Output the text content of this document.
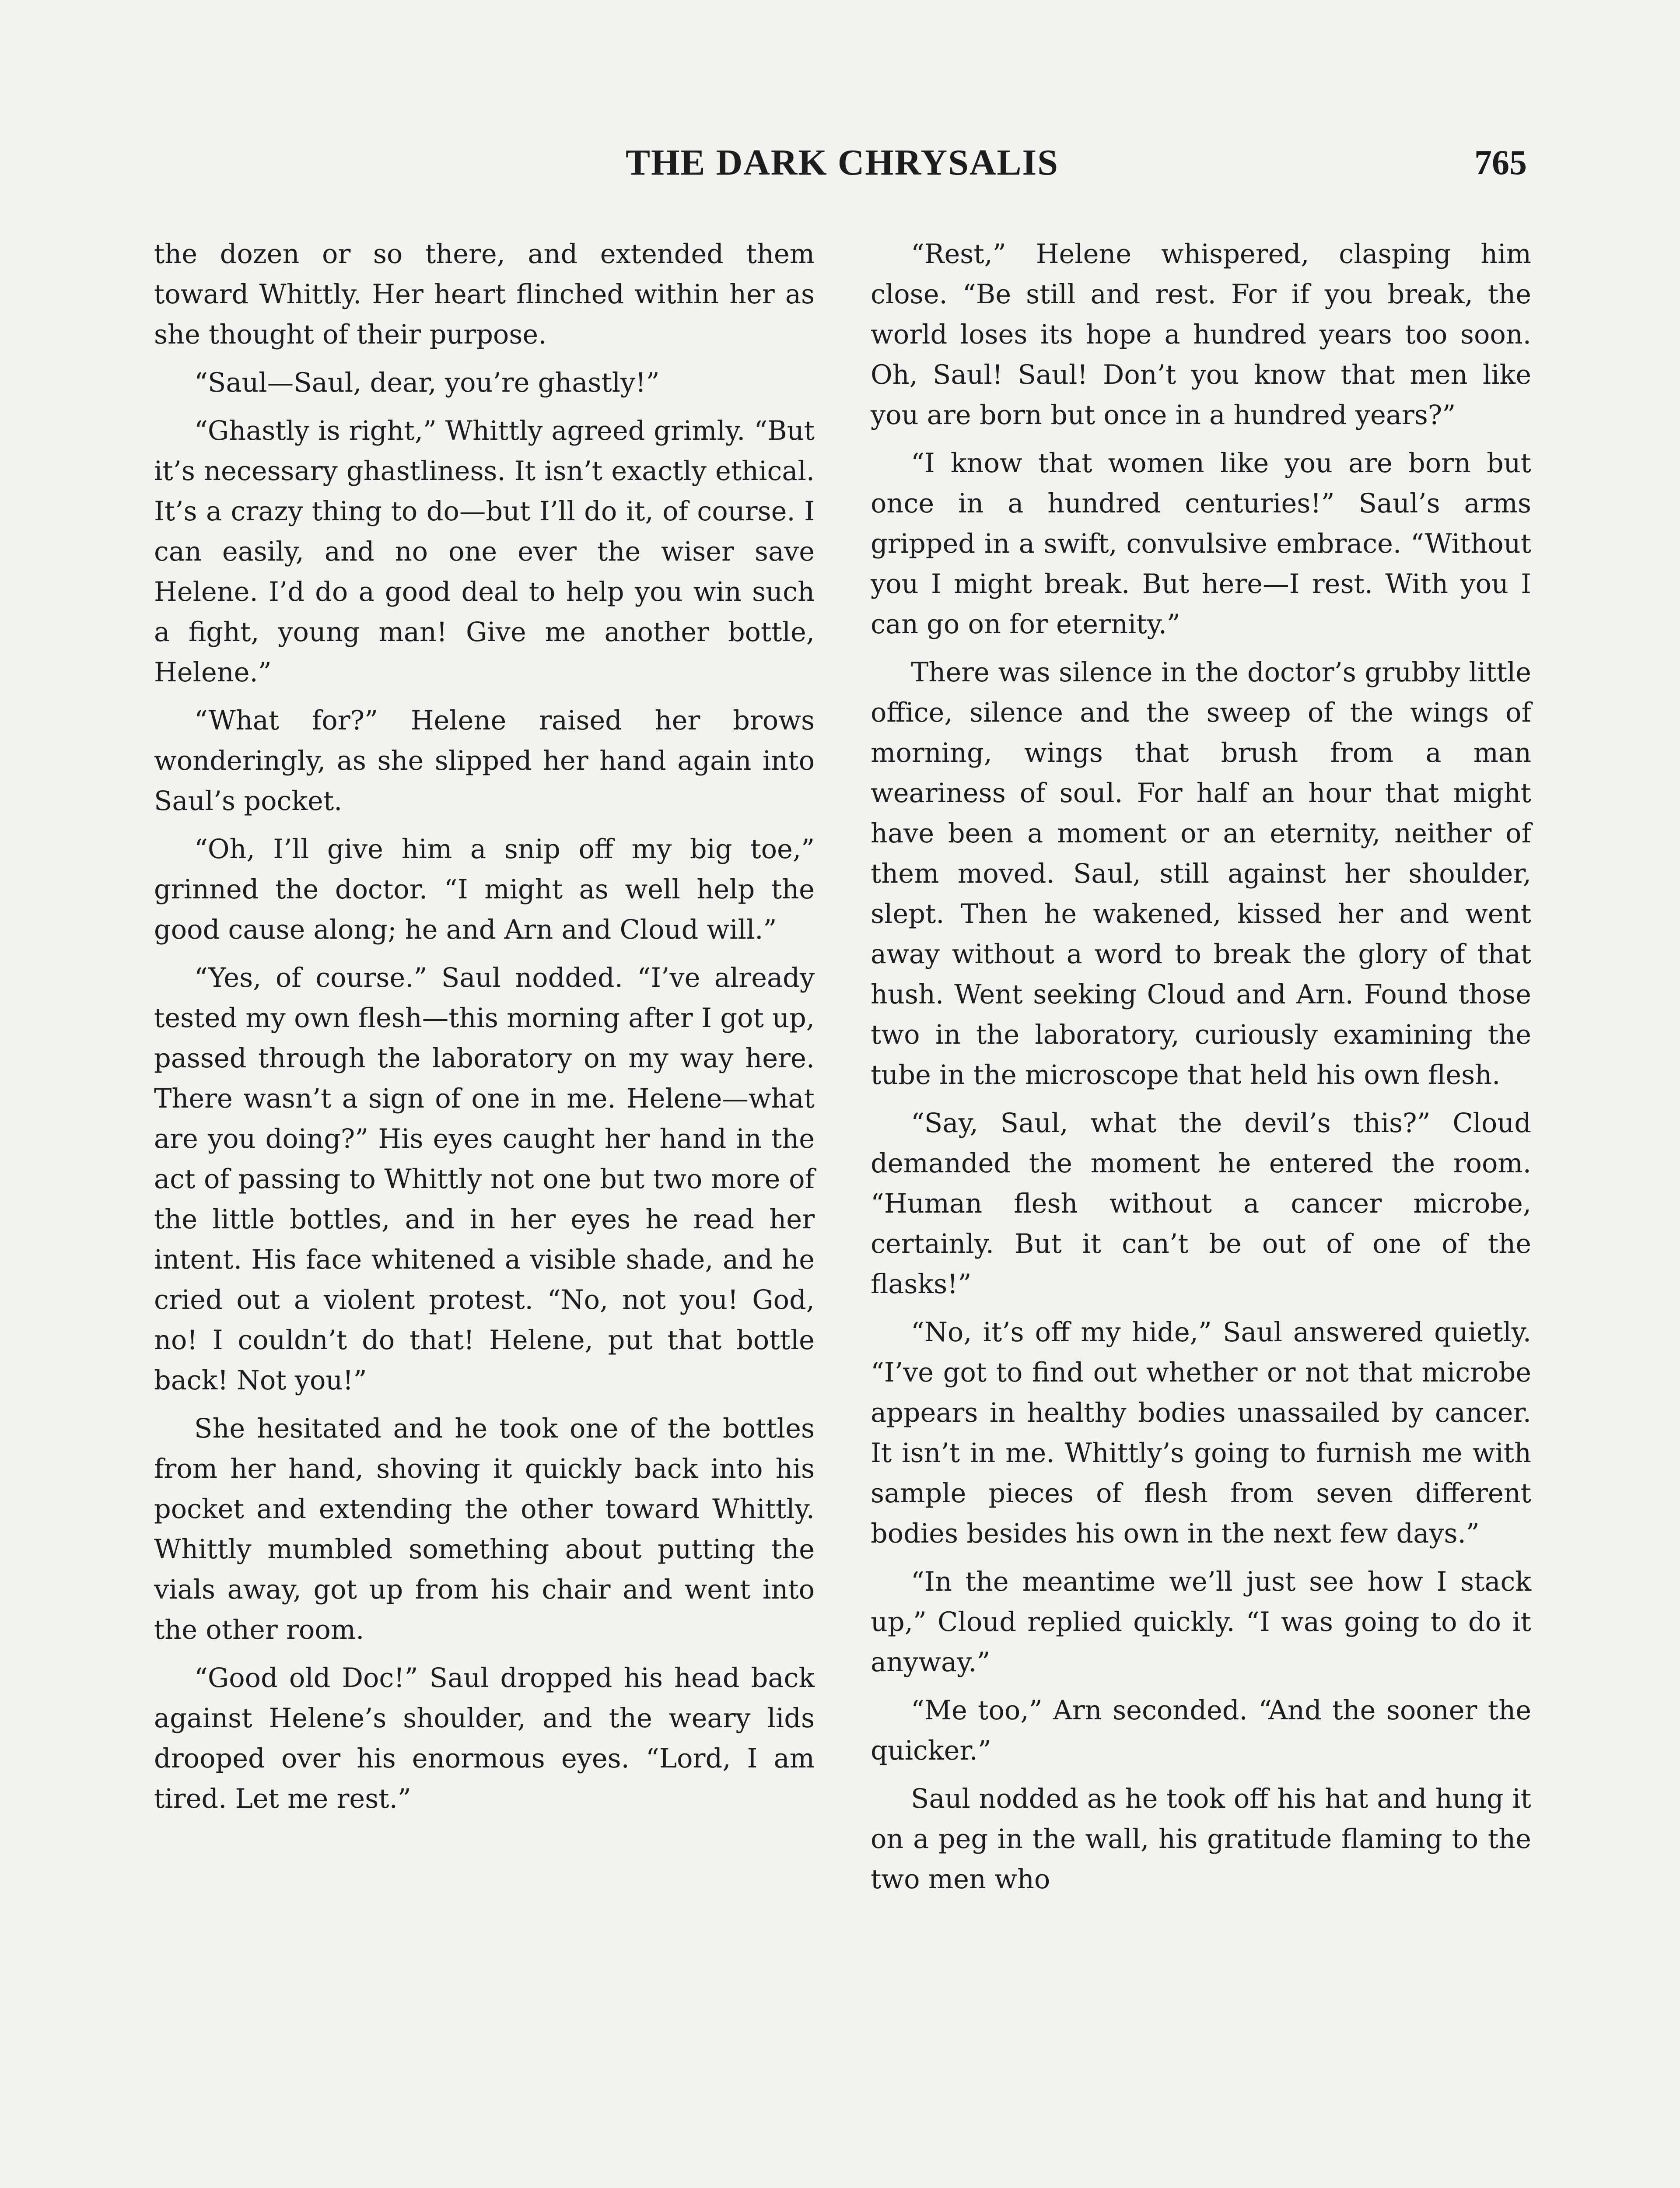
THE DARK CHRYSALIS	765

the dozen or so there, and extended them toward Whittly. Her heart flinched within her as she thought of their purpose.

“Saul—Saul, dear, you’re ghastly!”

“Ghastly is right,” Whittly agreed grimly. “But it’s necessary ghastliness. It isn’t exactly ethical. It’s a crazy thing to do—but I’ll do it, of course. I can easily, and no one ever the wiser save Helene. I’d do a good deal to help you win such a fight, young man! Give me another bottle, Helene.”

“What for?” Helene raised her brows wonderingly, as she slipped her hand again into Saul’s pocket.

“Oh, I’ll give him a snip off my big toe,” grinned the doctor. “I might as well help the good cause along; he and Arn and Cloud will.”

“Yes, of course.” Saul nodded. “I’ve already tested my own flesh—this morning after I got up, passed through the laboratory on my way here. There wasn’t a sign of one in me. Helene—what are you doing?” His eyes caught her hand in the act of passing to Whittly not one but two more of the little bottles, and in her eyes he read her intent. His face whitened a visible shade, and he cried out a violent protest. “No, not you! God, no! I couldn’t do that! Helene, put that bottle back! Not you!”

She hesitated and he took one of the bottles from her hand, shoving it quickly back into his pocket and extending the other toward Whittly. Whittly mumbled something about putting the vials away, got up from his chair and went into the other room.

“Good old Doc!” Saul dropped his head back against Helene’s shoulder, and the weary lids drooped over his enormous eyes. “Lord, I am tired. Let me rest.”

“Rest,” Helene whispered, clasping him close. “Be still and rest. For if you break, the world loses its hope a hundred years too soon. Oh, Saul! Saul! Don’t you know that men like you are born but once in a hundred years?”

“I know that women like you are born but once in a hundred centuries!” Saul’s arms gripped in a swift, convulsive embrace. “Without you I might break. But here—I rest. With you I can go on for eternity.”

There was silence in the doctor’s grubby little office, silence and the sweep of the wings of morning, wings that brush from a man weariness of soul. For half an hour that might have been a moment or an eternity, neither of them moved. Saul, still against her shoulder, slept. Then he wakened, kissed her and went away without a word to break the glory of that hush. Went seeking Cloud and Arn. Found those two in the laboratory, curiously examining the tube in the microscope that held his own flesh.

“Say, Saul, what the devil’s this?” Cloud demanded the moment he entered the room. “Human flesh without a cancer microbe, certainly. But it can’t be out of one of the flasks!”

“No, it’s off my hide,” Saul answered quietly. “I’ve got to find out whether or not that microbe appears in healthy bodies unassailed by cancer. It isn’t in me. Whittly’s going to furnish me with sample pieces of flesh from seven different bodies besides his own in the next few days.”

“In the meantime we’ll just see how I stack up,” Cloud replied quickly. “I was going to do it anyway.”

“Me too,” Arn seconded. “And the sooner the quicker.”

Saul nodded as he took off his hat and hung it on a peg in the wall, his gratitude flaming to the two men who
